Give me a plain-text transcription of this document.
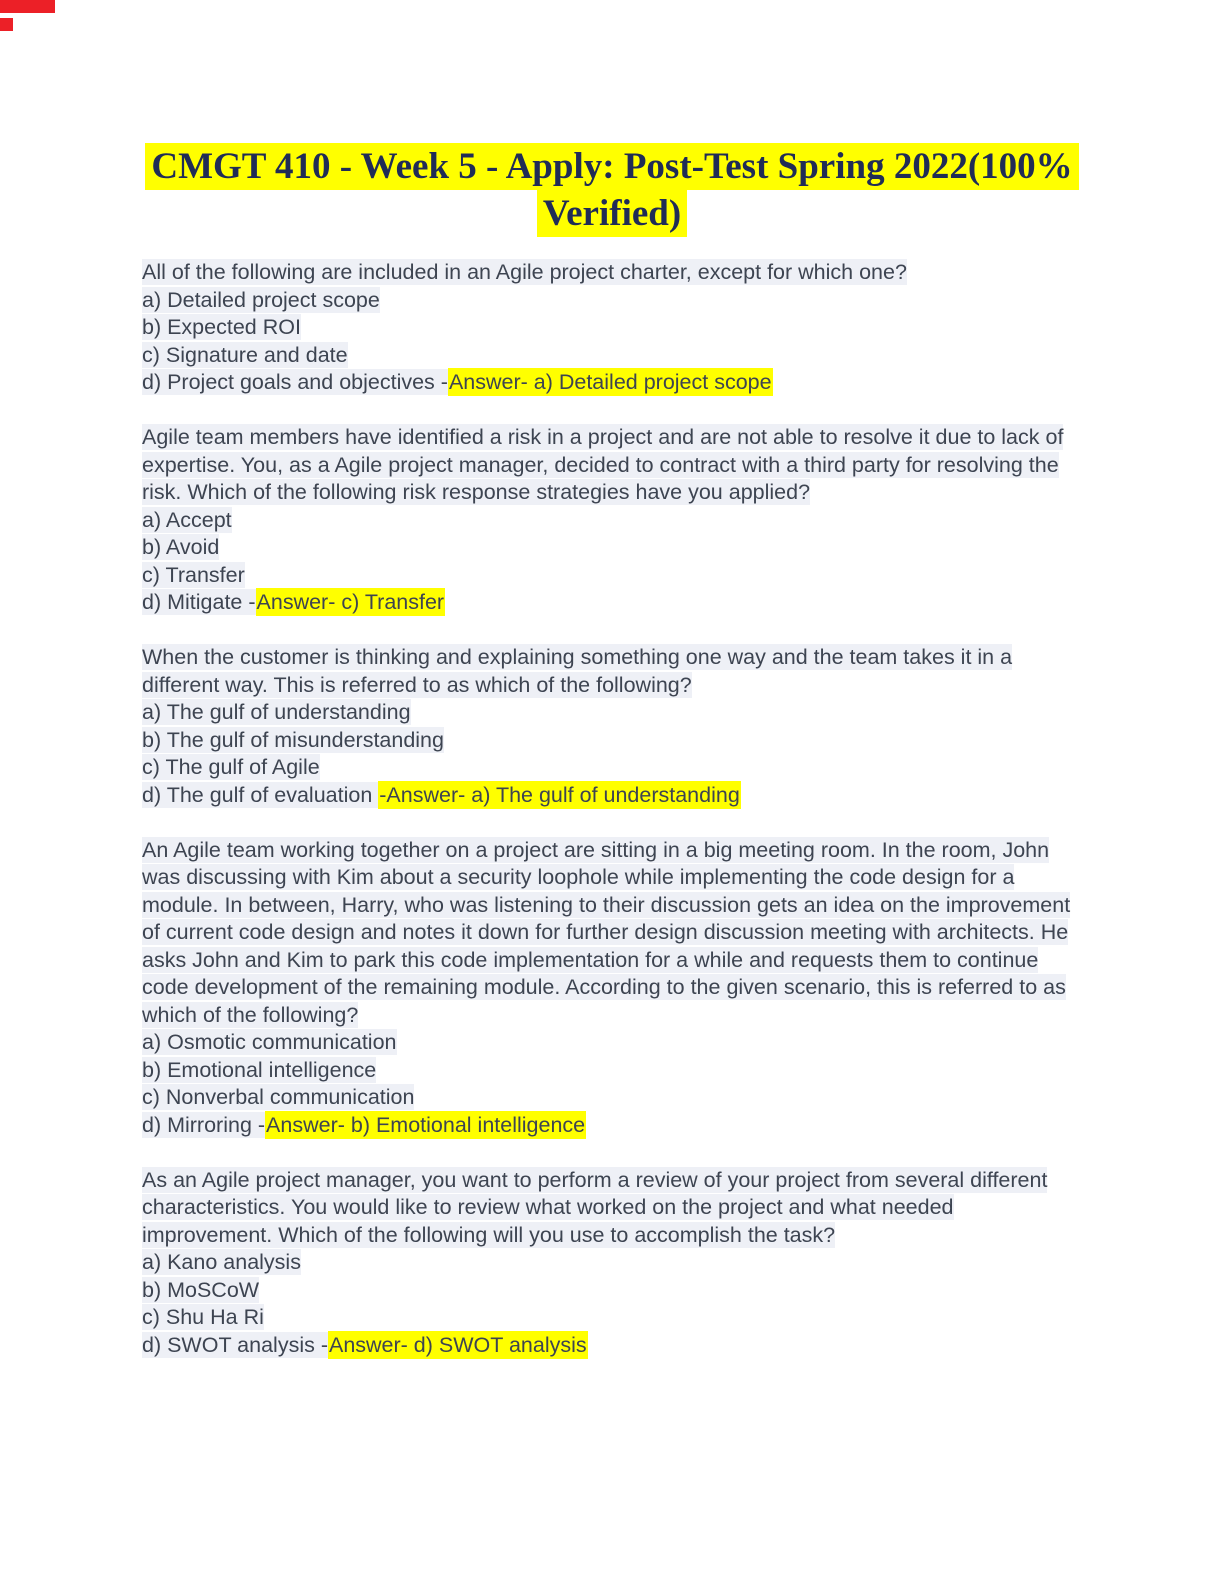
CMGT 410 - Week 5 - Apply: Post-Test Spring 2022(100%
Verified)
All of the following are included in an Agile project charter, except for which one?
a) Detailed project scope
b) Expected ROI
c) Signature and date
d) Project goals and objectives -Answer- a) Detailed project scope
Agile team members have identified a risk in a project and are not able to resolve it due to lack of expertise. You, as a Agile project manager, decided to contract with a third party for resolving the risk. Which of the following risk response strategies have you applied?
a) Accept
b) Avoid
c) Transfer
d) Mitigate -Answer- c) Transfer
When the customer is thinking and explaining something one way and the team takes it in a different way. This is referred to as which of the following?
a) The gulf of understanding
b) The gulf of misunderstanding
c) The gulf of Agile
d) The gulf of evaluation -Answer- a) The gulf of understanding
An Agile team working together on a project are sitting in a big meeting room. In the room, John was discussing with Kim about a security loophole while implementing the code design for a module. In between, Harry, who was listening to their discussion gets an idea on the improvement of current code design and notes it down for further design discussion meeting with architects. He asks John and Kim to park this code implementation for a while and requests them to continue code development of the remaining module. According to the given scenario, this is referred to as which of the following?
a) Osmotic communication
b) Emotional intelligence
c) Nonverbal communication
d) Mirroring -Answer- b) Emotional intelligence
As an Agile project manager, you want to perform a review of your project from several different characteristics. You would like to review what worked on the project and what needed improvement. Which of the following will you use to accomplish the task?
a) Kano analysis
b) MoSCoW
c) Shu Ha Ri
d) SWOT analysis -Answer- d) SWOT analysis
